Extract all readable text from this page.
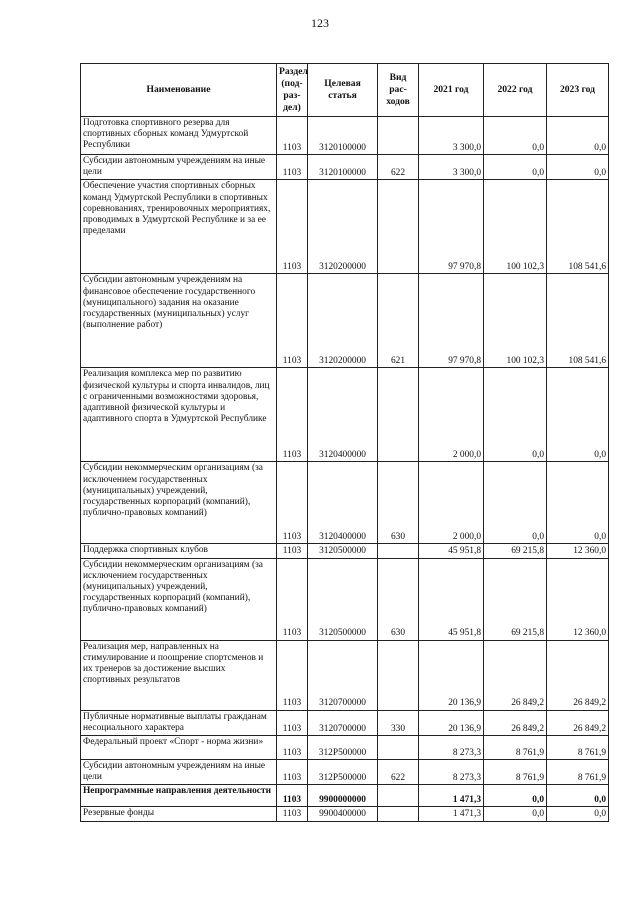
123
Наименование	Раздел (под-раз-дел)	Целевая статья	Вид рас-ходов	2021 год	2022 год	2023 год
Подготовка спортивного резерва для спортивных сборных команд Удмуртской Республики	1103	3120100000		3 300,0	0,0	0,0
Субсидии автономным учреждениям на иные цели	1103	3120100000	622	3 300,0	0,0	0,0
Обеспечение участия спортивных сборных команд Удмуртской Республики в спортивных соревнованиях, тренировочных мероприятиях, проводимых в Удмуртской Республике и за ее пределами	1103	3120200000		97 970,8	100 102,3	108 541,6
Субсидии автономным учреждениям на финансовое обеспечение государственного (муниципального) задания на оказание государственных (муниципальных) услуг (выполнение работ)	1103	3120200000	621	97 970,8	100 102,3	108 541,6
Реализация комплекса мер по развитию физической культуры и спорта инвалидов, лиц с ограниченными возможностями здоровья, адаптивной физической культуры и адаптивного спорта в Удмуртской Республике	1103	3120400000		2 000,0	0,0	0,0
Субсидии некоммерческим организациям (за исключением государственных (муниципальных) учреждений, государственных корпораций (компаний), публично-правовых компаний)	1103	3120400000	630	2 000,0	0,0	0,0
Поддержка спортивных клубов	1103	3120500000		45 951,8	69 215,8	12 360,0
Субсидии некоммерческим организациям (за исключением государственных (муниципальных) учреждений, государственных корпораций (компаний), публично-правовых компаний)	1103	3120500000	630	45 951,8	69 215,8	12 360,0
Реализация мер, направленных на стимулирование и поощрение спортсменов и их тренеров за достижение высших спортивных результатов	1103	3120700000		20 136,9	26 849,2	26 849,2
Публичные нормативные выплаты гражданам несоциального характера	1103	3120700000	330	20 136,9	26 849,2	26 849,2
Федеральный проект «Спорт - норма жизни»	1103	312P500000		8 273,3	8 761,9	8 761,9
Субсидии автономным учреждениям на иные цели	1103	312P500000	622	8 273,3	8 761,9	8 761,9
Непрограммные направления деятельности	1103	9900000000		1 471,3	0,0	0,0
Резервные фонды	1103	9900400000		1 471,3	0,0	0,0
